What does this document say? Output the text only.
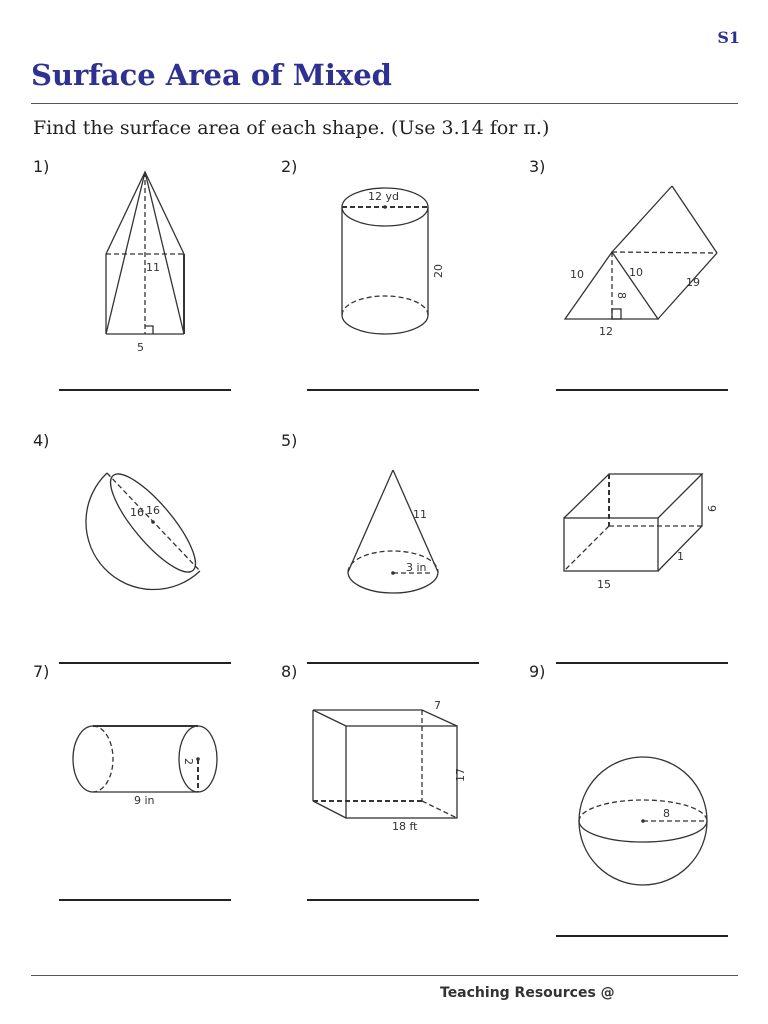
S1
Surface Area of Mixed
Find the surface area of each shape. (Use 3.14 for π.)
1)	2)	3)
4)	5)
7)	8)	9)
11
5
12 yd
20	10	10
8
12
19
16 16	11
3 in
9
15
1
2
9 in
7
17
18 ft
8
Teaching Resources @
